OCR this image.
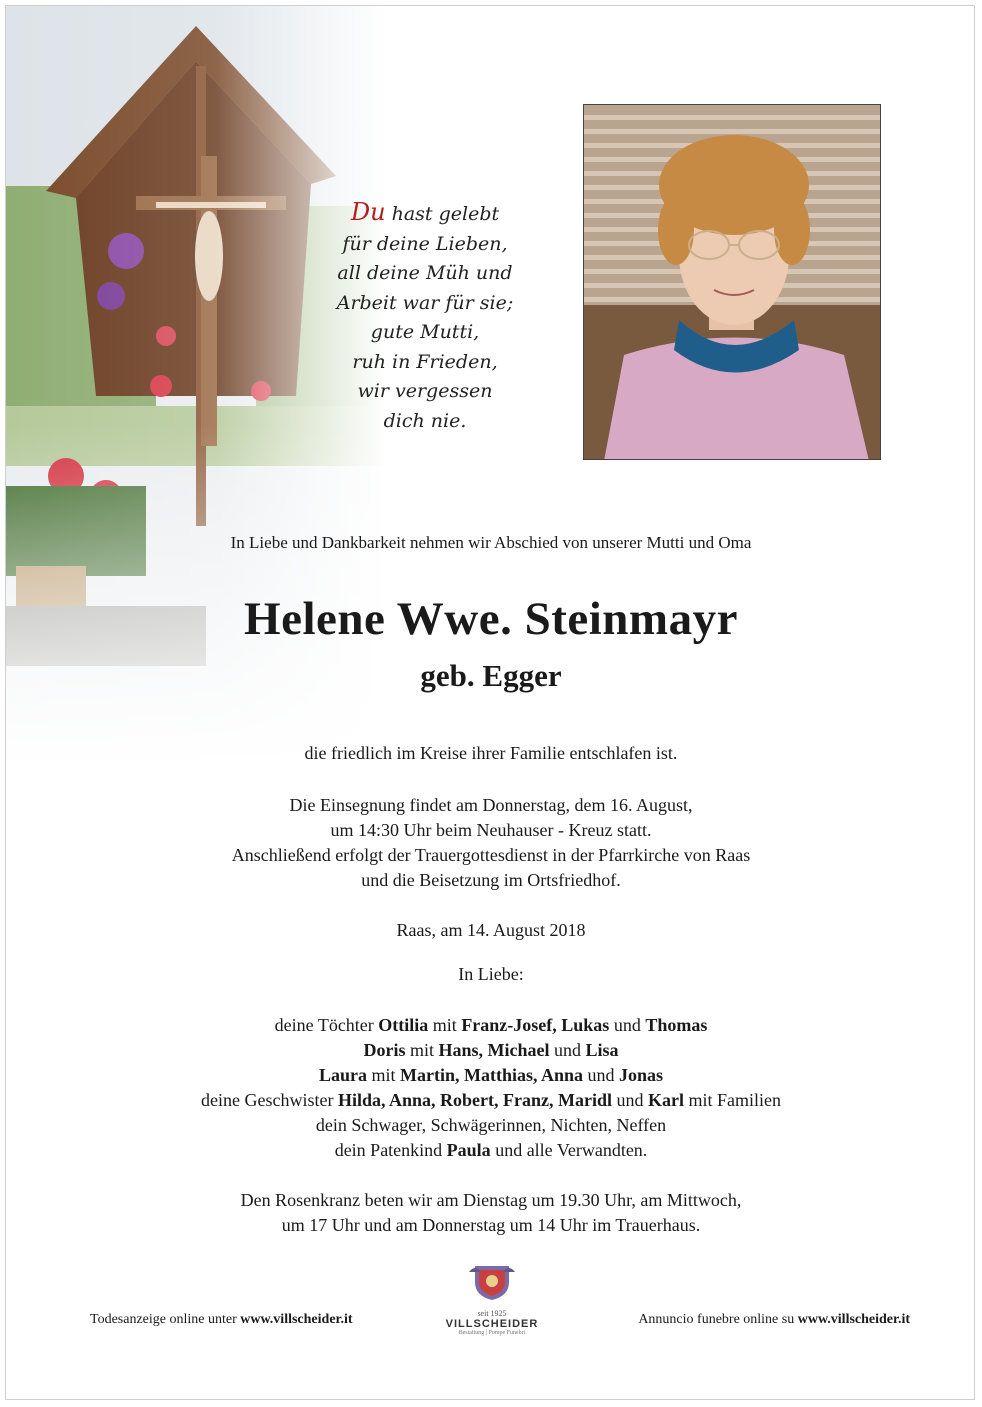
Du hast gelebt
für deine Lieben,
all deine Müh und
Arbeit war für sie;
gute Mutti,
ruh in Frieden,
wir vergessen
dich nie.
In Liebe und Dankbarkeit nehmen wir Abschied von unserer Mutti und Oma
Helene Wwe. Steinmayr
geb. Egger
die friedlich im Kreise ihrer Familie entschlafen ist.
Die Einsegnung findet am Donnerstag, dem 16. August,
um 14:30 Uhr beim Neuhauser - Kreuz statt.
Anschließend erfolgt der Trauergottesdienst in der Pfarrkirche von Raas
und die Beisetzung im Ortsfriedhof.
Raas, am 14. August 2018
In Liebe:
deine Töchter Ottilia mit Franz-Josef, Lukas und Thomas
Doris mit Hans, Michael und Lisa
Laura mit Martin, Matthias, Anna und Jonas
deine Geschwister Hilda, Anna, Robert, Franz, Maridl und Karl mit Familien
dein Schwager, Schwägerinnen, Nichten, Neffen
dein Patenkind Paula und alle Verwandten.
Den Rosenkranz beten wir am Dienstag um 19.30 Uhr, am Mittwoch,
um 17 Uhr und am Donnerstag um 14 Uhr im Trauerhaus.
Todesanzeige online unter www.villscheider.it	seit 1925
VILLSCHEIDER
Bestattung | Pompe Funebri
Annuncio funebre online su www.villscheider.it
